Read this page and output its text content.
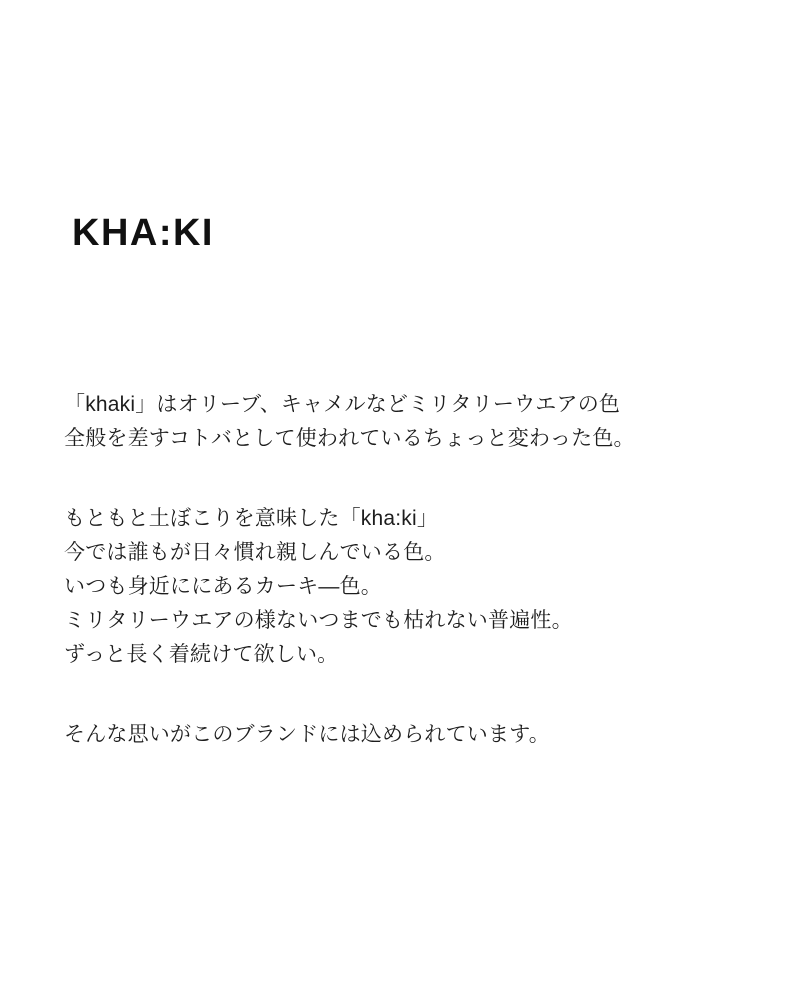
KHA:KI

「khaki」はオリーブ、キャメルなどミリタリーウエアの色
全般を差すコトバとして使われているちょっと変わった色。

もともと土ぼこりを意味した「kha:ki」
今では誰もが日々慣れ親しんでいる色。
いつも身近ににあるカーキ―色。
ミリタリーウエアの様ないつまでも枯れない普遍性。
ずっと長く着続けて欲しい。

そんな思いがこのブランドには込められています。
